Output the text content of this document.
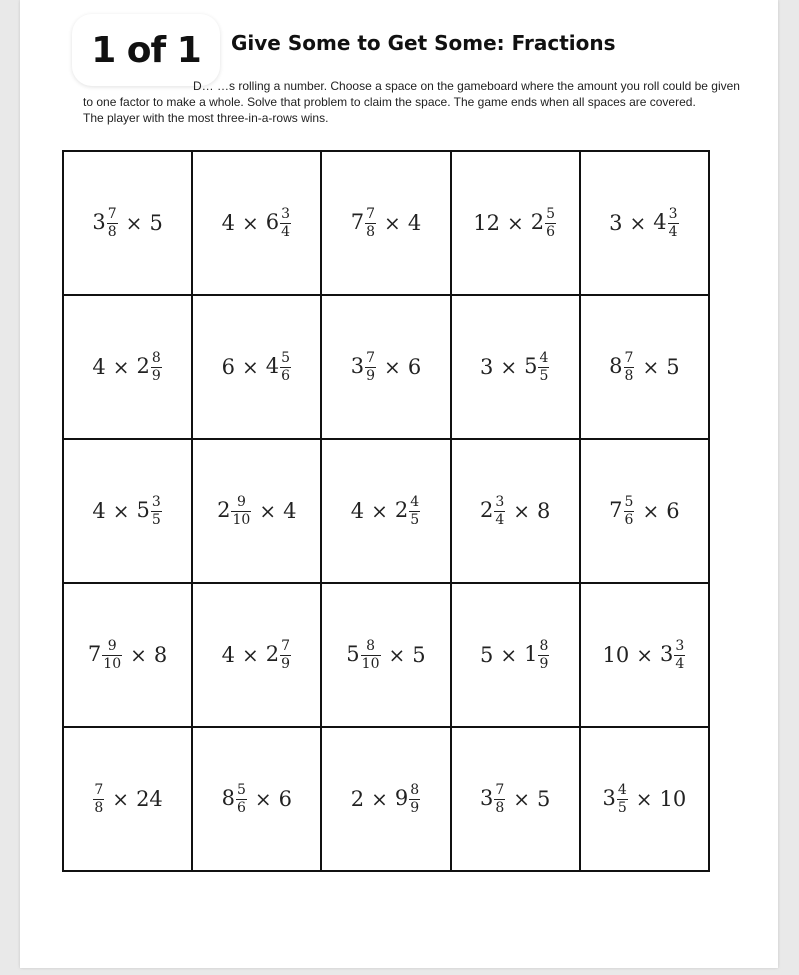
1 of 1	Give Some to Get Some: Fractions
D… …s rolling a number. Choose a space on the gameboard where the amount you roll could be given
to one factor to make a whole. Solve that problem to claim the space. The game ends when all spaces are covered.
The player with the most three-in-a-rows wins.
$3 \frac{7}{8} \times 5$	$4 \times 6 \frac{3}{4}$	$7 \frac{7}{8} \times 4$	$12 \times 2 \frac{5}{6}$	$3 \times 4 \frac{3}{4}$

$4 \times 2 \frac{8}{9}$	$6 \times 4 \frac{5}{6}$	$3 \frac{7}{9} \times 6$	$3 \times 5 \frac{4}{5}$	$8 \frac{7}{8} \times 5$

$4 \times 5 \frac{3}{5}$	$2 \frac{9}{10} \times 4$	$4 \times 2 \frac{4}{5}$	$2 \frac{3}{4} \times 8$	$7 \frac{5}{6} \times 6$

$7 \frac{9}{10} \times 8$	$4 \times 2 \frac{7}{9}$	$5 \frac{8}{10} \times 5$	$5 \times 1 \frac{8}{9}$	$10 \times 3 \frac{3}{4}$

$\frac{7}{8} \times 24$	$8 \frac{5}{6} \times 6$	$2 \times 9 \frac{8}{9}$	$3 \frac{7}{8} \times 5$	$3 \frac{4}{5} \times 10$
